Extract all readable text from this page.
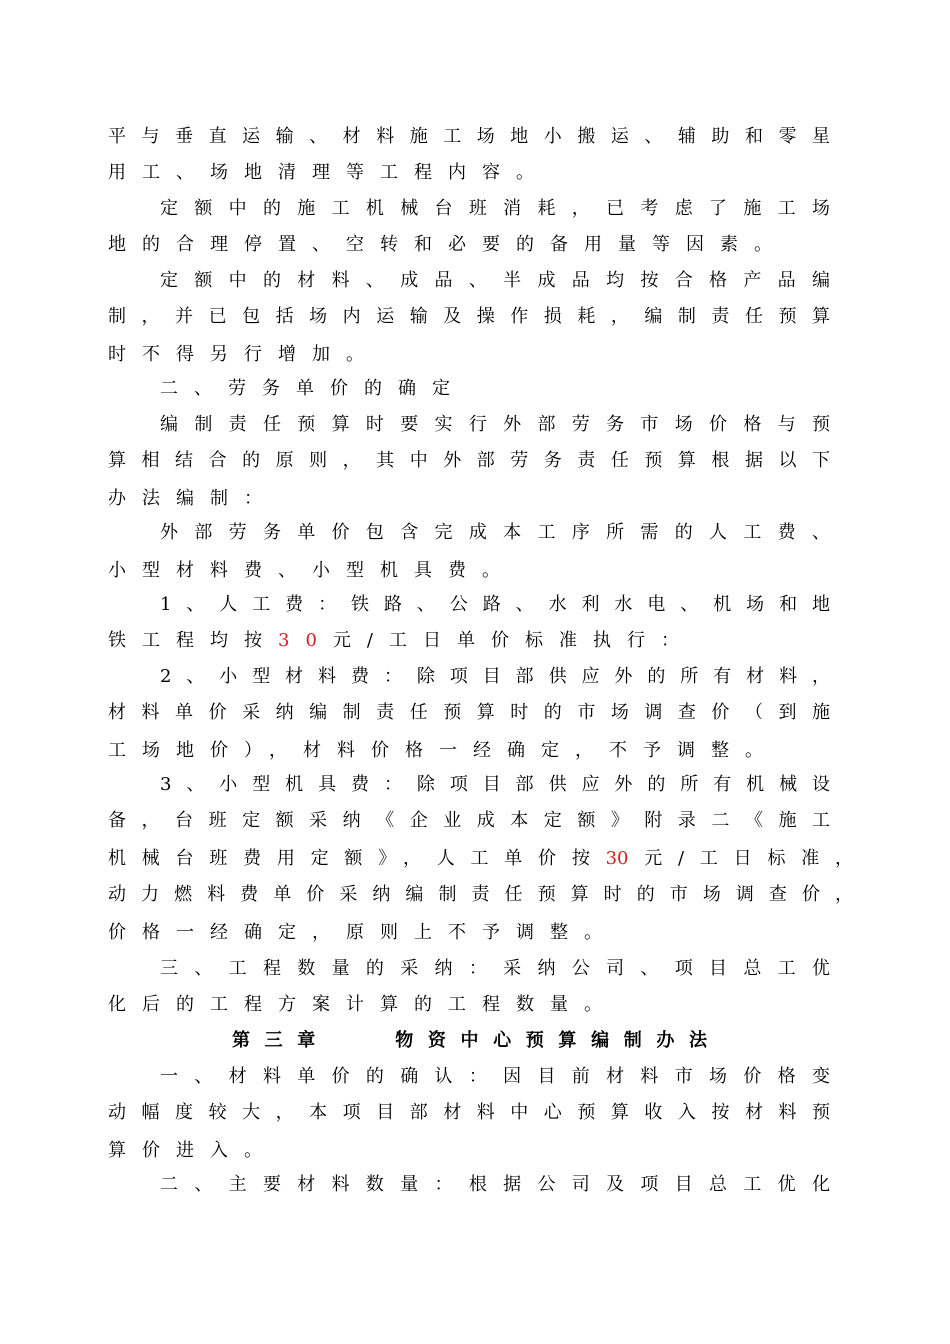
平与垂直运输、材料施工场地小搬运、辅助和零星
用工、场地清理等工程内容。
定额中的施工机械台班消耗，已考虑了施工场
地的合理停置、空转和必要的备用量等因素。
定额中的材料、成品、半成品均按合格产品编
制，并已包括场内运输及操作损耗，编制责任预算
时不得另行增加。
二、劳务单价的确定
编制责任预算时要实行外部劳务市场价格与预
算相结合的原则，其中外部劳务责任预算根据以下
办法编制：
外部劳务单价包含完成本工序所需的人工费、
小型材料费、小型机具费。
1、人工费：铁路、公路、水利水电、机场和地
铁工程均按30元/工日单价标准执行：
2、小型材料费：除项目部供应外的所有材料，
材料单价采纳编制责任预算时的市场调查价（到施
工场地价），材料价格一经确定，不予调整。
3、小型机具费：除项目部供应外的所有机械设
备，台班定额采纳《企业成本定额》附录二《施工
机械台班费用定额》，人工单价按30元/工日标准，
动力燃料费单价采纳编制责任预算时的市场调查价，
价格一经确定，原则上不予调整。
三、工程数量的采纳：采纳公司、项目总工优
化后的工程方案计算的工程数量。
第三章　　物资中心预算编制办法
一、材料单价的确认：因目前材料市场价格变
动幅度较大，本项目部材料中心预算收入按材料预
算价进入。
二、主要材料数量：根据公司及项目总工优化
